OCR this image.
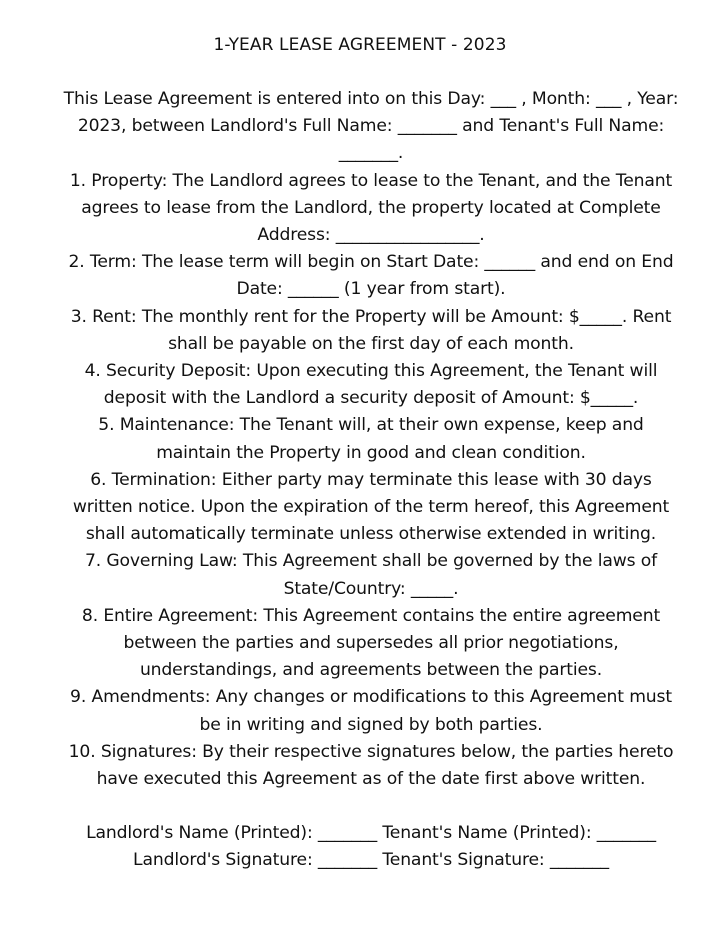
1-YEAR LEASE AGREEMENT - 2023
This Lease Agreement is entered into on this Day: ___ , Month: ___ , Year:
2023, between Landlord's Full Name: _______ and Tenant's Full Name:
_______.
1. Property: The Landlord agrees to lease to the Tenant, and the Tenant
agrees to lease from the Landlord, the property located at Complete
Address: _________________.
2. Term: The lease term will begin on Start Date: ______ and end on End
Date: ______ (1 year from start).
3. Rent: The monthly rent for the Property will be Amount: $_____. Rent
shall be payable on the first day of each month.
4. Security Deposit: Upon executing this Agreement, the Tenant will
deposit with the Landlord a security deposit of Amount: $_____.
5. Maintenance: The Tenant will, at their own expense, keep and
maintain the Property in good and clean condition.
6. Termination: Either party may terminate this lease with 30 days
written notice. Upon the expiration of the term hereof, this Agreement
shall automatically terminate unless otherwise extended in writing.
7. Governing Law: This Agreement shall be governed by the laws of
State/Country: _____.
8. Entire Agreement: This Agreement contains the entire agreement
between the parties and supersedes all prior negotiations,
understandings, and agreements between the parties.
9. Amendments: Any changes or modifications to this Agreement must
be in writing and signed by both parties.
10. Signatures: By their respective signatures below, the parties hereto
have executed this Agreement as of the date first above written.
Landlord's Name (Printed): _______ Tenant's Name (Printed): _______
Landlord's Signature: _______ Tenant's Signature: _______
